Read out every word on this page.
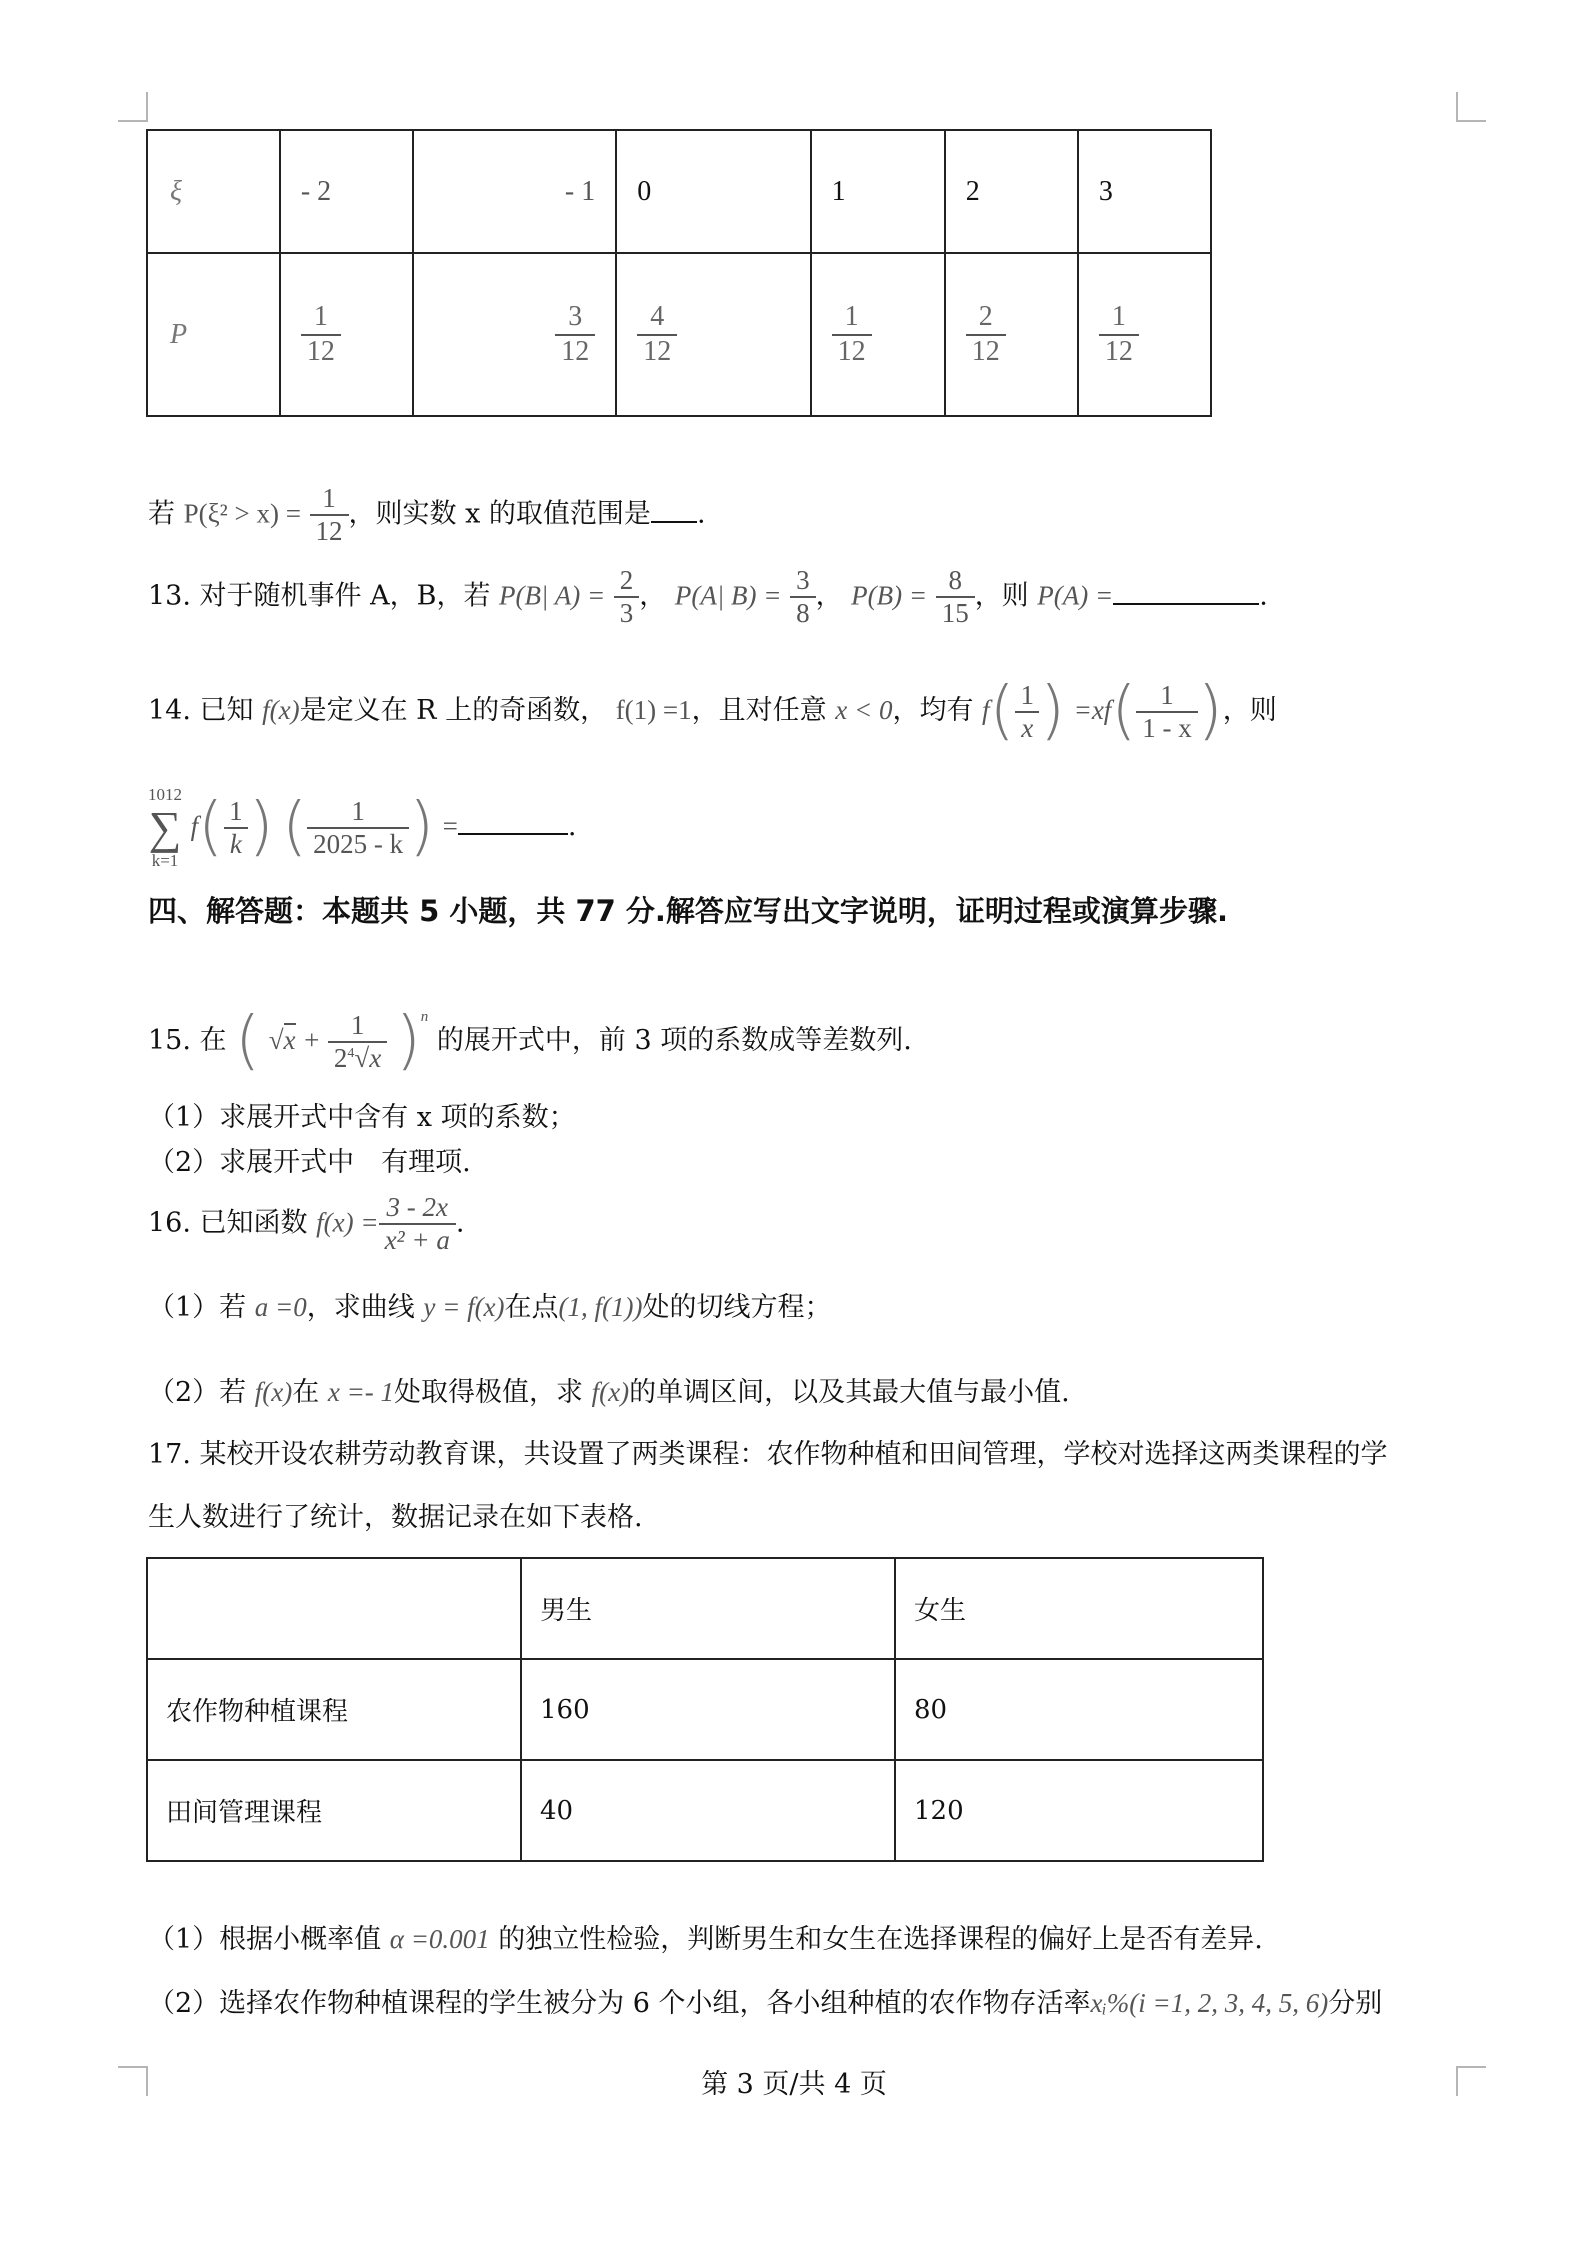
ξ	- 2	- 1	0	1	2	3
P	$\frac{1}{12}$	$\frac{3}{12}$	$\frac{4}{12}$	$\frac{1}{12}$	$\frac{2}{12}$	$\frac{1}{12}$
若 $P(\xi^2 > x) = \frac{1}{12}$ ，则实数 x 的取值范围是 .
13. 对于随机事件 A，B，若 P(B| $A) = \frac{2}{3}$ ， P(A| $B) = \frac{3}{8}$ ， $P(B) = \frac{8}{15}$ ，则 P(A) =	.
14. 已知 f(x)是定义在 R 上的奇函数， f(1) =1，且对任意 x < 0，均有 $f( \frac{1}{x}$ ) $=xf( \frac{1}{1 - x}$ )，则
1012
∑
k=1
$f( \frac{1}{k}$ ) ( $\frac{1}{2025 - k}$ ) =	.
四、解答题：本题共 5 小题，共 77 分.解答应写出文字说明，证明过程或演算步骤.
15. 在 ( $√x + \frac{1}{2^4√x} )^n$ 的展开式中，前 3 项的系数成等差数列.
（1）求展开式中含有 x 项的系数；
（2）求展开式中　有理项.
16. 已知函数 $f(x) = \frac{3 - 2x}{\text{x² + a}}$ .
（1）若 a =0，求曲线 y = f(x)在点(1, f(1))处的切线方程；
（2）若 f(x)在 x =- 1处取得极值，求 f(x)的单调区间，以及其最大值与最小值.
17. 某校开设农耕劳动教育课，共设置了两类课程：农作物种植和田间管理，学校对选择这两类课程的学
生人数进行了统计，数据记录在如下表格.
	男生	女生
农作物种植课程	160	80
田间管理课程	40	120
（1）根据小概率值 α =0.001 的独立性检验，判断男生和女生在选择课程的偏好上是否有差异.
（2）选择农作物种植课程的学生被分为 6 个小组，各小组种植的农作物存活率xᵢ%(i =1, 2, 3, 4, 5, 6)分别
第 3 页/共 4 页
